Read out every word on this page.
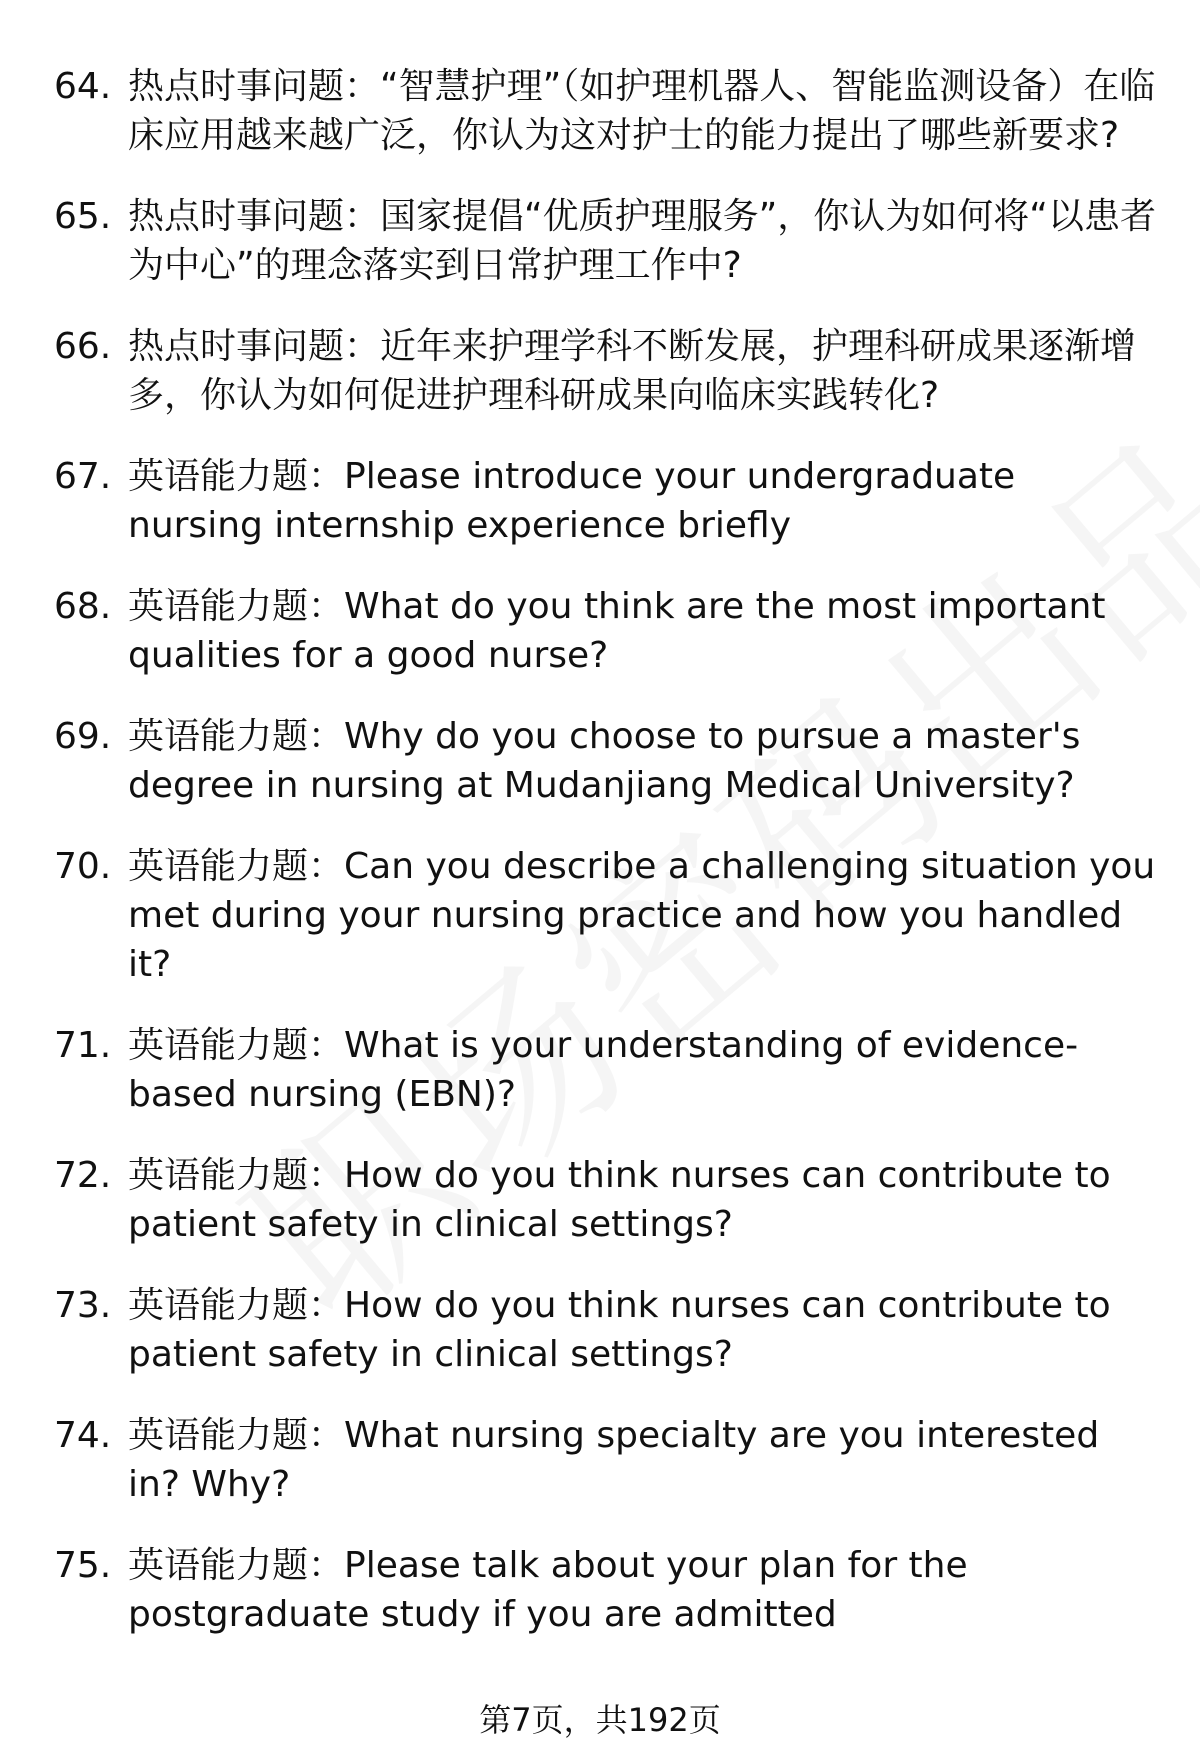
64. 热点时事问题：“智慧护理”（如护理机器人、智能监测设备）在临床应用越来越广泛，你认为这对护士的能力提出了哪些新要求?
65. 热点时事问题：国家提倡“优质护理服务”，你认为如何将“以患者为中心”的理念落实到日常护理工作中?
66. 热点时事问题：近年来护理学科不断发展，护理科研成果逐渐增多，你认为如何促进护理科研成果向临床实践转化?
67. 英语能力题：Please introduce your undergraduate nursing internship experience briefly
68. 英语能力题：What do you think are the most important qualities for a good nurse?
69. 英语能力题：Why do you choose to pursue a master's degree in nursing at Mudanjiang Medical University?
70. 英语能力题：Can you describe a challenging situation you met during your nursing practice and how you handled it?
71. 英语能力题：What is your understanding of evidence-based nursing (EBN)?
72. 英语能力题：How do you think nurses can contribute to patient safety in clinical settings?
73. 英语能力题：How do you think nurses can contribute to patient safety in clinical settings?
74. 英语能力题：What nursing specialty are you interested in? Why?
75. 英语能力题：Please talk about your plan for the postgraduate study if you are admitted
第7页，共192页
